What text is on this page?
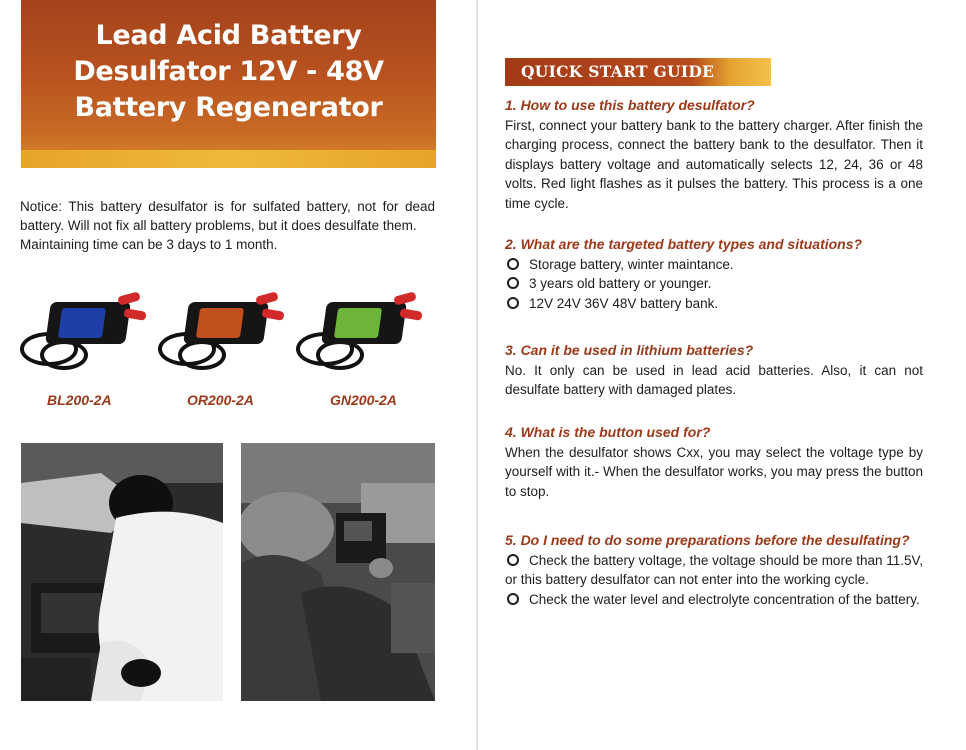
Lead Acid Battery
Desulfator 12V - 48V
Battery Regenerator

Notice: This battery desulfator is for sulfated battery, not for dead battery. Will not fix all battery problems, but it does desulfate them.

Maintaining time can be 3 days to 1 month.

BL200-2A	OR200-2A	GN200-2A
QUICK START GUIDE
1. How to use this battery desulfator?
First, connect your battery bank to the battery charger. After finish the charging process, connect the battery bank to the desulfator. Then it displays battery voltage and automatically selects 12, 24, 36 or 48 volts. Red light flashes as it pulses the battery. This process is a one time cycle.
2. What are the targeted battery types and situations?
Storage battery, winter maintance.
3 years old battery or younger.
12V 24V 36V 48V battery bank.
3. Can it be used in lithium batteries?
No. It only can be used in lead acid batteries. Also, it can not desulfate battery with damaged plates.
4. What is the button used for?
When the desulfator shows Cxx, you may select the voltage type by yourself with it.- When the desulfator works, you may press the button to stop.
5. Do I need to do some preparations before the desulfating?
Check the battery voltage, the voltage should be more than 11.5V, or this battery desulfator can not enter into the working cycle.
Check the water level and electrolyte concentration of the battery.
